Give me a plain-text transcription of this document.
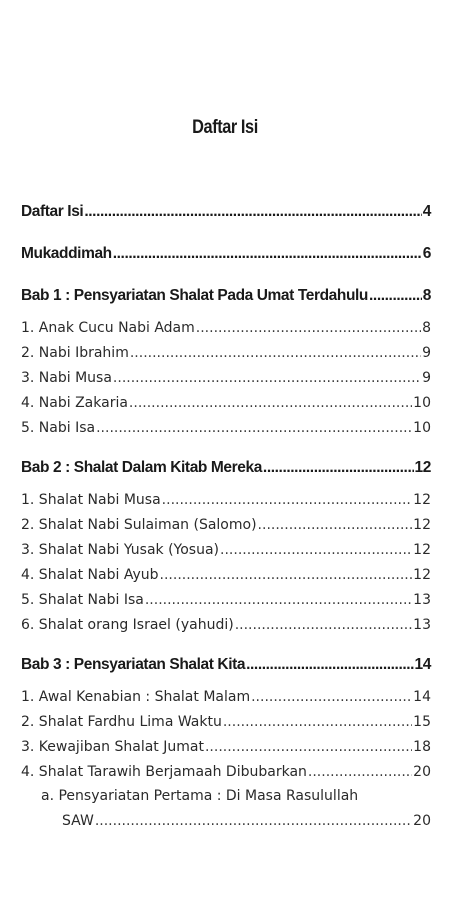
Daftar Isi
Daftar Isi .....	4
Mukaddimah .....	6
Bab 1 : Pensyariatan Shalat Pada Umat Terdahulu .....	8
1. Anak Cucu Nabi Adam .....	8
2. Nabi Ibrahim .....	9
3. Nabi Musa .....	9
4. Nabi Zakaria .....	10
5. Nabi Isa .....	10
Bab 2 : Shalat Dalam Kitab Mereka .....	12
1. Shalat Nabi Musa .....	12
2. Shalat Nabi Sulaiman (Salomo) .....	12
3. Shalat Nabi Yusak (Yosua) .....	12
4. Shalat Nabi Ayub .....	12
5. Shalat Nabi Isa .....	13
6. Shalat orang Israel (yahudi) .....	13
Bab 3 : Pensyariatan Shalat Kita .....	14
1. Awal Kenabian : Shalat Malam .....	14
2. Shalat Fardhu Lima Waktu .....	15
3. Kewajiban Shalat Jumat .....	18
4. Shalat Tarawih Berjamaah Dibubarkan .....	20
a. Pensyariatan Pertama : Di Masa Rasulullah
SAW .....	20
